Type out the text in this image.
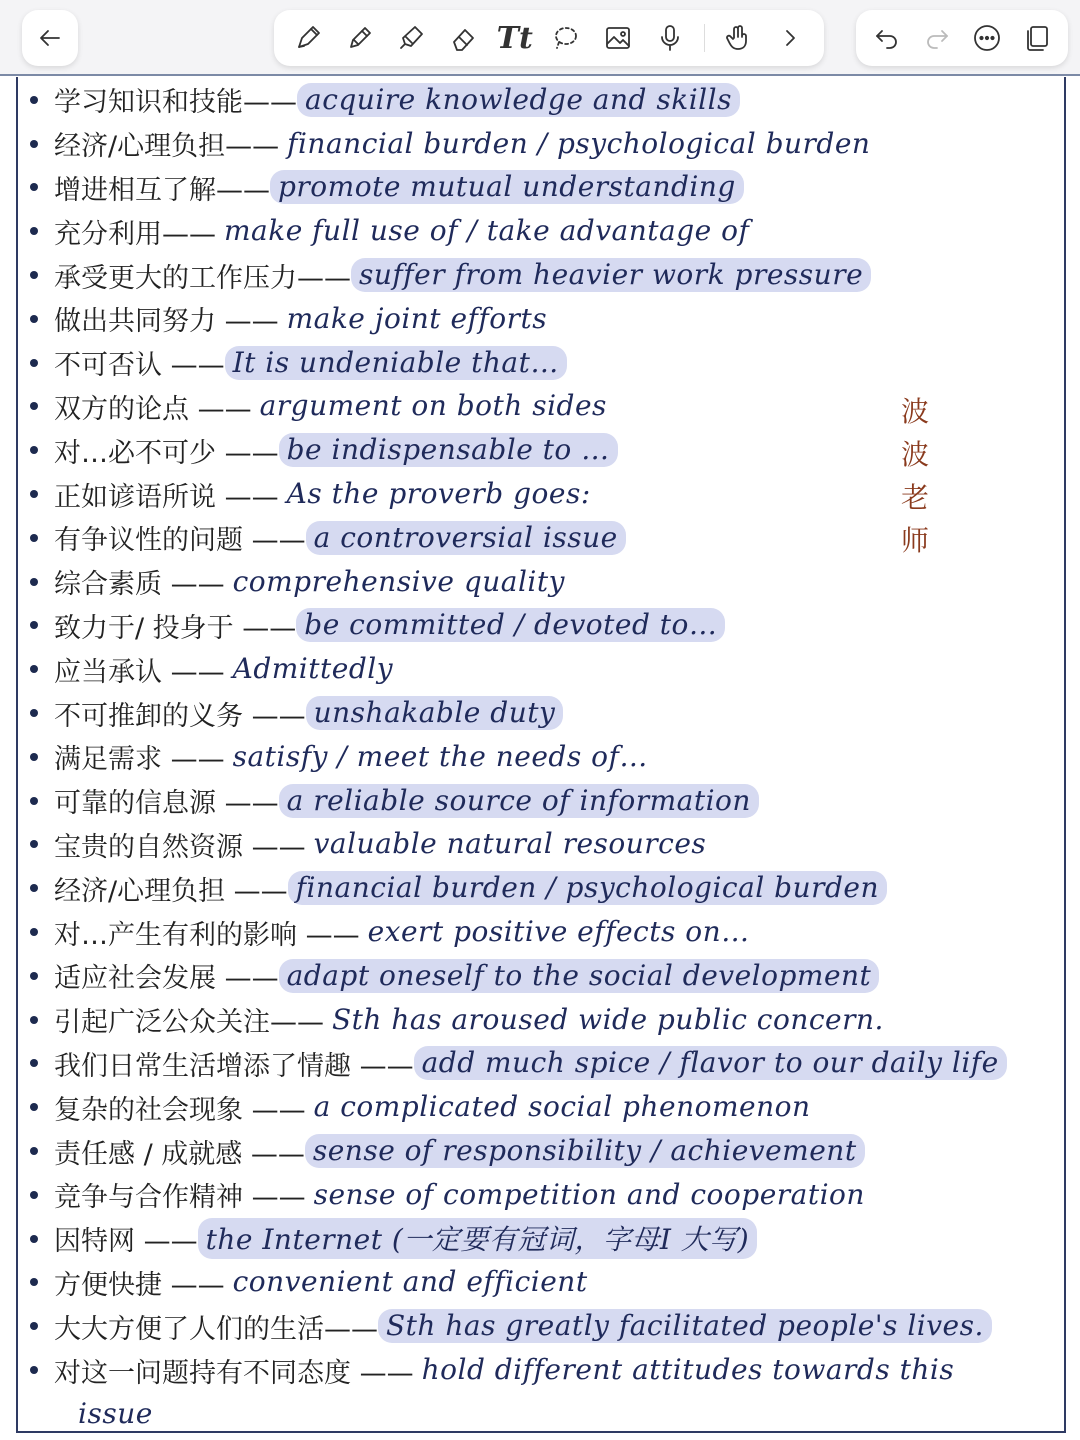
Tt
学习知识和技能—— acquire knowledge and skills
经济/心理负担—— financial burden / psychological burden
增进相互了解—— promote mutual understanding
充分利用—— make full use of / take advantage of
承受更大的工作压力—— suffer from heavier work pressure
做出共同努力 —— make joint efforts
不可否认 —— It is undeniable that…
双方的论点 —— argument on both sides
对…必不可少 —— be indispensable to …
正如谚语所说 —— As the proverb goes:
有争议性的问题 —— a controversial issue
综合素质 —— comprehensive quality
致力于/ 投身于 —— be committed / devoted to…
应当承认 —— Admittedly
不可推卸的义务 —— unshakable duty
满足需求 —— satisfy / meet the needs of…
可靠的信息源 —— a reliable source of information
宝贵的自然资源 —— valuable natural resources
经济/心理负担 —— financial burden / psychological burden
对…产生有利的影响 —— exert positive effects on…
适应社会发展 —— adapt oneself to the social development
引起广泛公众关注—— Sth has aroused wide public concern.
我们日常生活增添了情趣 —— add much spice / flavor to our daily life
复杂的社会现象 —— a complicated social phenomenon
责任感 / 成就感 —— sense of responsibility / achievement
竞争与合作精神 —— sense of competition and cooperation
因特网 —— the Internet (一定要有冠词，字母I 大写)
方便快捷 —— convenient and efficient
大大方便了人们的生活—— Sth has greatly facilitated people's lives.
对这一问题持有不同态度 —— hold different attitudes towards this
issue
波
波
老
师
